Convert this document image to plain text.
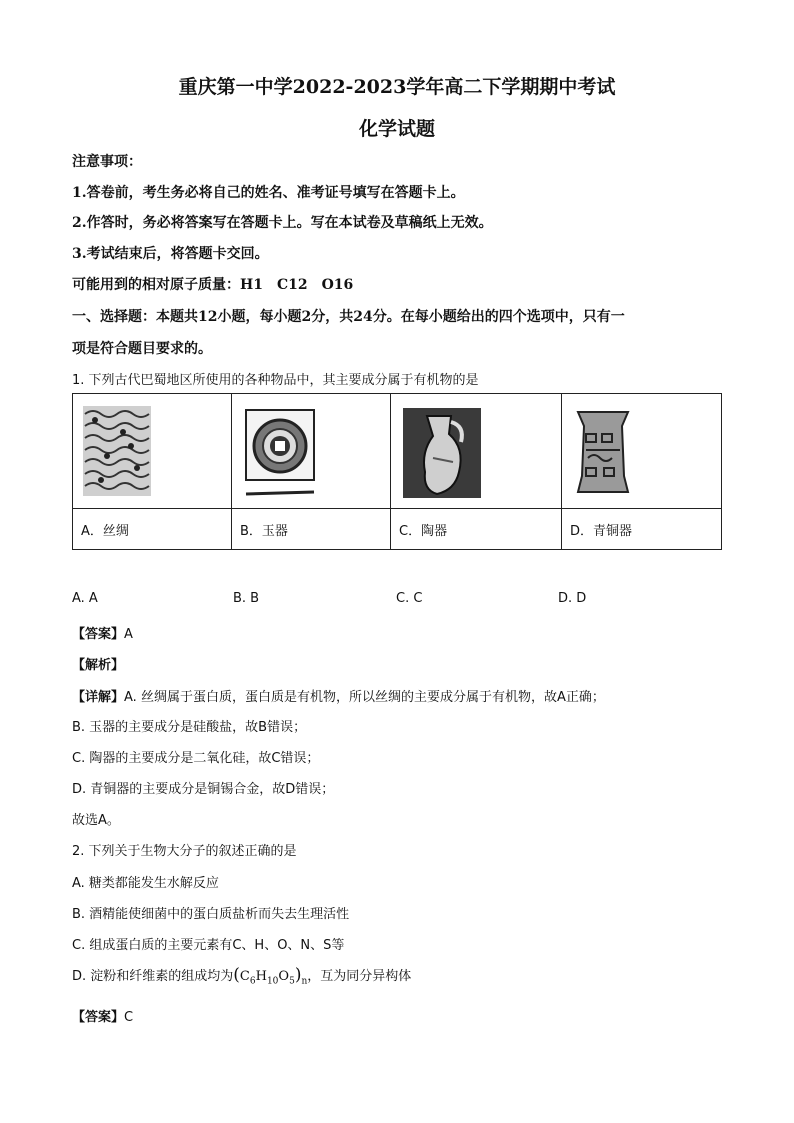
重庆第一中学2022-2023学年高二下学期期中考试
化学试题
注意事项：
1.答卷前，考生务必将自己的姓名、准考证号填写在答题卡上。
2.作答时，务必将答案写在答题卡上。写在本试卷及草稿纸上无效。
3.考试结束后，将答题卡交回。
可能用到的相对原子质量：H1　C12　O16
一、选择题：本题共12小题，每小题2分，共24分。在每小题给出的四个选项中，只有一
项是符合题目要求的。
1. 下列古代巴蜀地区所使用的各种物品中，其主要成分属于有机物的是

A．丝绸	B．玉器	C．陶器	D．青铜器
A. A	B. B	C. C	D. D
【答案】A
【解析】
【详解】A. 丝绸属于蛋白质，蛋白质是有机物，所以丝绸的主要成分属于有机物，故A正确；
B. 玉器的主要成分是硅酸盐，故B错误；
C. 陶器的主要成分是二氧化硅，故C错误；
D. 青铜器的主要成分是铜锡合金，故D错误；
故选A。
2. 下列关于生物大分子的叙述正确的是
A. 糖类都能发生水解反应
B. 酒精能使细菌中的蛋白质盐析而失去生理活性
C. 组成蛋白质的主要元素有C、H、O、N、S等
D. 淀粉和纤维素的组成均为$(C_6H_{10}O_5)_n$，互为同分异构体
【答案】C
